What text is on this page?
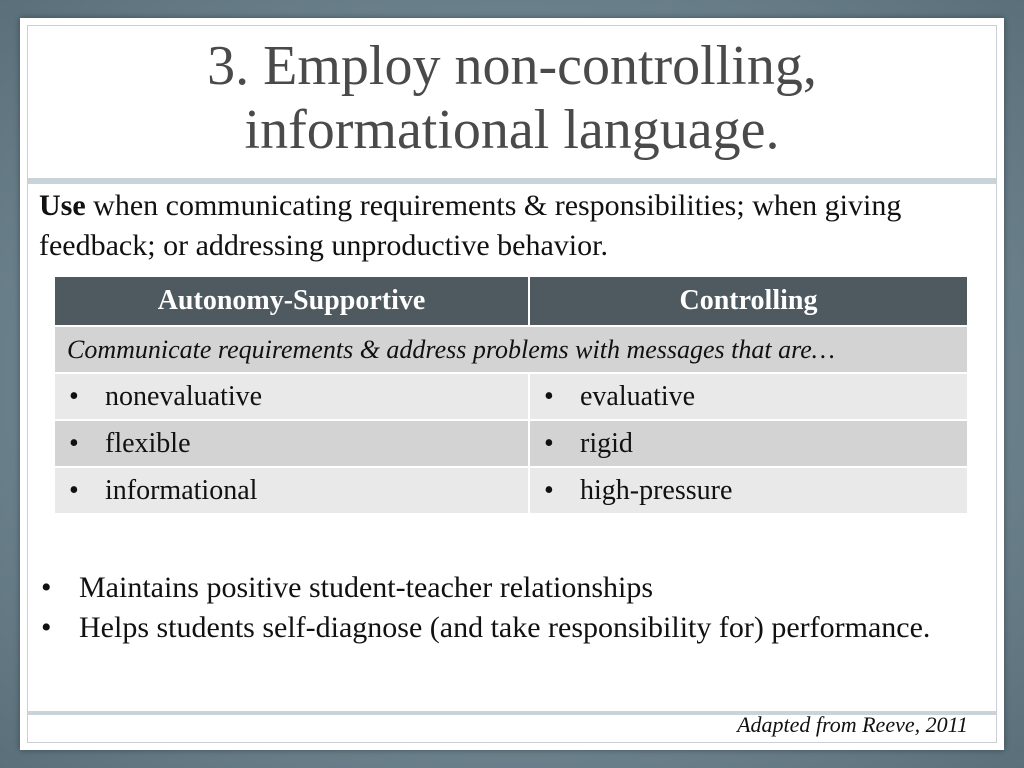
3. Employ non-controlling,
informational language.
Use when communicating requirements & responsibilities; when giving feedback; or addressing unproductive behavior.
Autonomy-Supportive	Controlling
Communicate requirements & address problems with messages that are…	
• nonevaluative	• evaluative
• flexible	• rigid
• informational	• high-pressure
• Maintains positive student-teacher relationships
• Helps students self-diagnose (and take responsibility for) performance.
Adapted from Reeve, 2011
